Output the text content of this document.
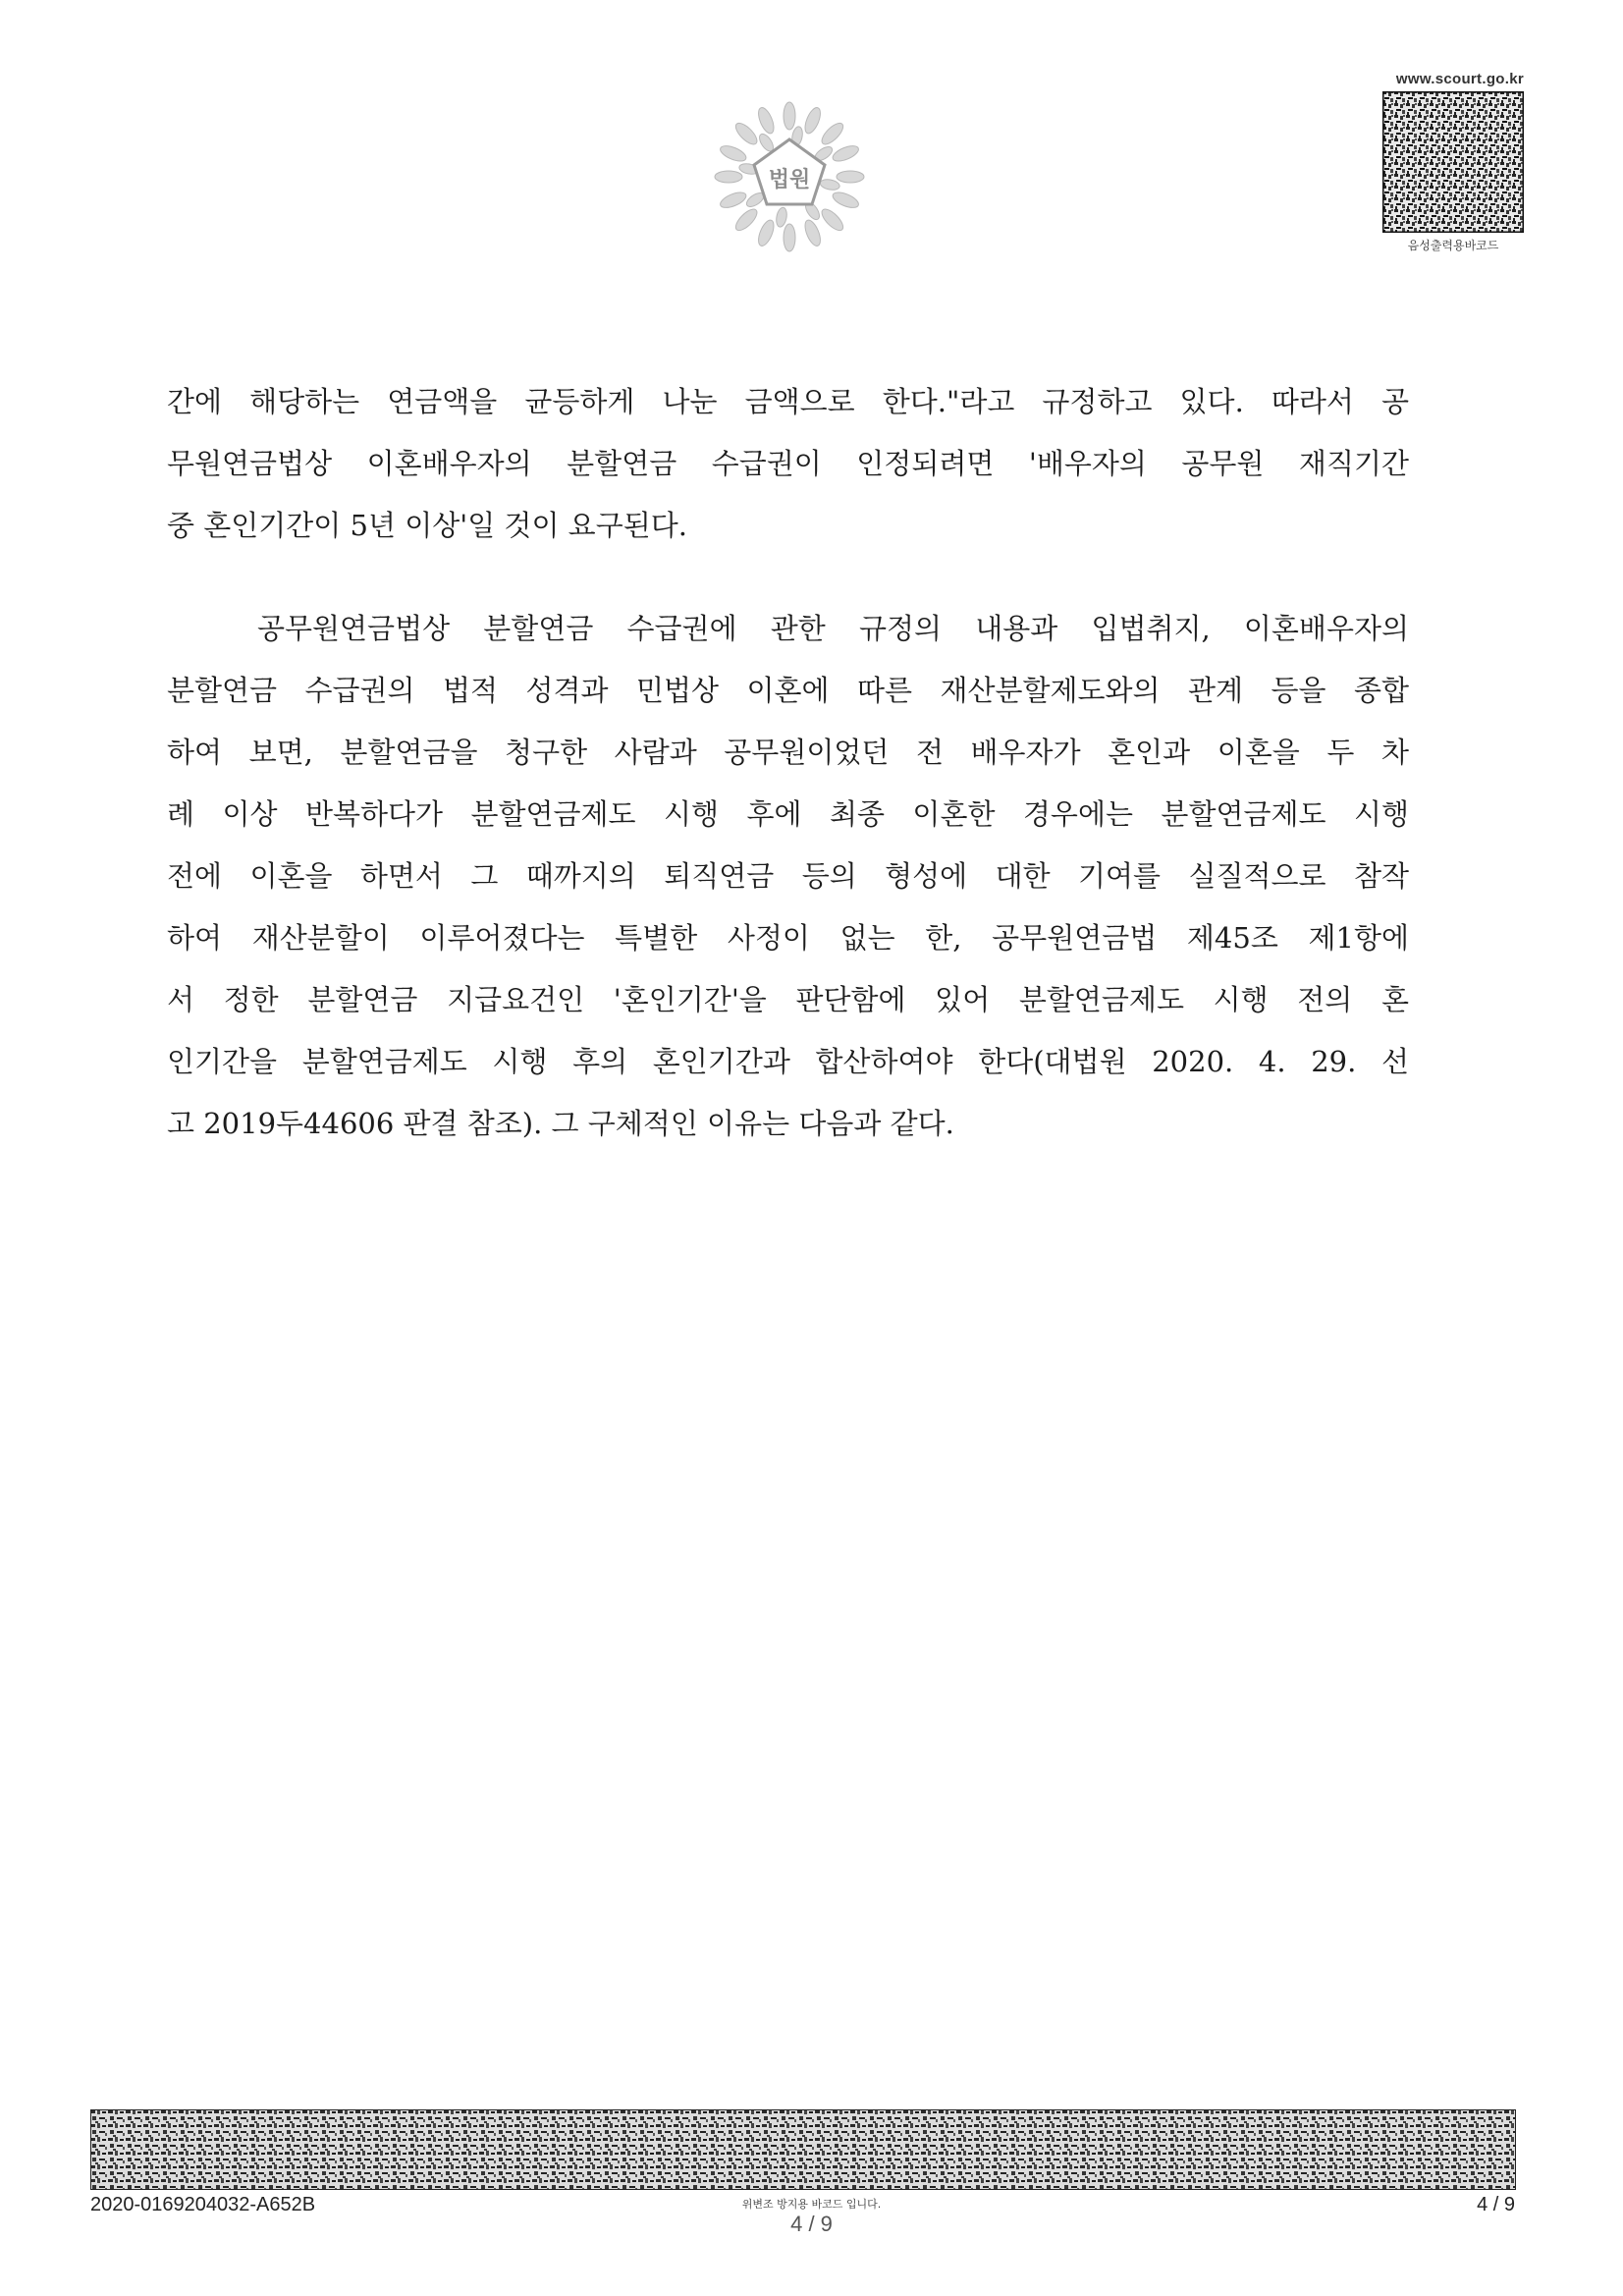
법원
www.scourt.go.kr
음성출력용바코드
간에 해당하는 연금액을 균등하게 나눈 금액으로 한다."라고 규정하고 있다. 따라서 공
무원연금법상 이혼배우자의 분할연금 수급권이 인정되려면 '배우자의 공무원 재직기간
중 혼인기간이 5년 이상'일 것이 요구된다.
공무원연금법상 분할연금 수급권에 관한 규정의 내용과 입법취지, 이혼배우자의
분할연금 수급권의 법적 성격과 민법상 이혼에 따른 재산분할제도와의 관계 등을 종합
하여 보면, 분할연금을 청구한 사람과 공무원이었던 전 배우자가 혼인과 이혼을 두 차
례 이상 반복하다가 분할연금제도 시행 후에 최종 이혼한 경우에는 분할연금제도 시행
전에 이혼을 하면서 그 때까지의 퇴직연금 등의 형성에 대한 기여를 실질적으로 참작
하여 재산분할이 이루어졌다는 특별한 사정이 없는 한, 공무원연금법 제45조 제1항에
서 정한 분할연금 지급요건인 '혼인기간'을 판단함에 있어 분할연금제도 시행 전의 혼
인기간을 분할연금제도 시행 후의 혼인기간과 합산하여야 한다(대법원 2020. 4. 29. 선
고 2019두44606 판결 참조). 그 구체적인 이유는 다음과 같다.
2020-0169204032-A652B	위변조 방지용 바코드 입니다.
4 / 9
4 / 9
